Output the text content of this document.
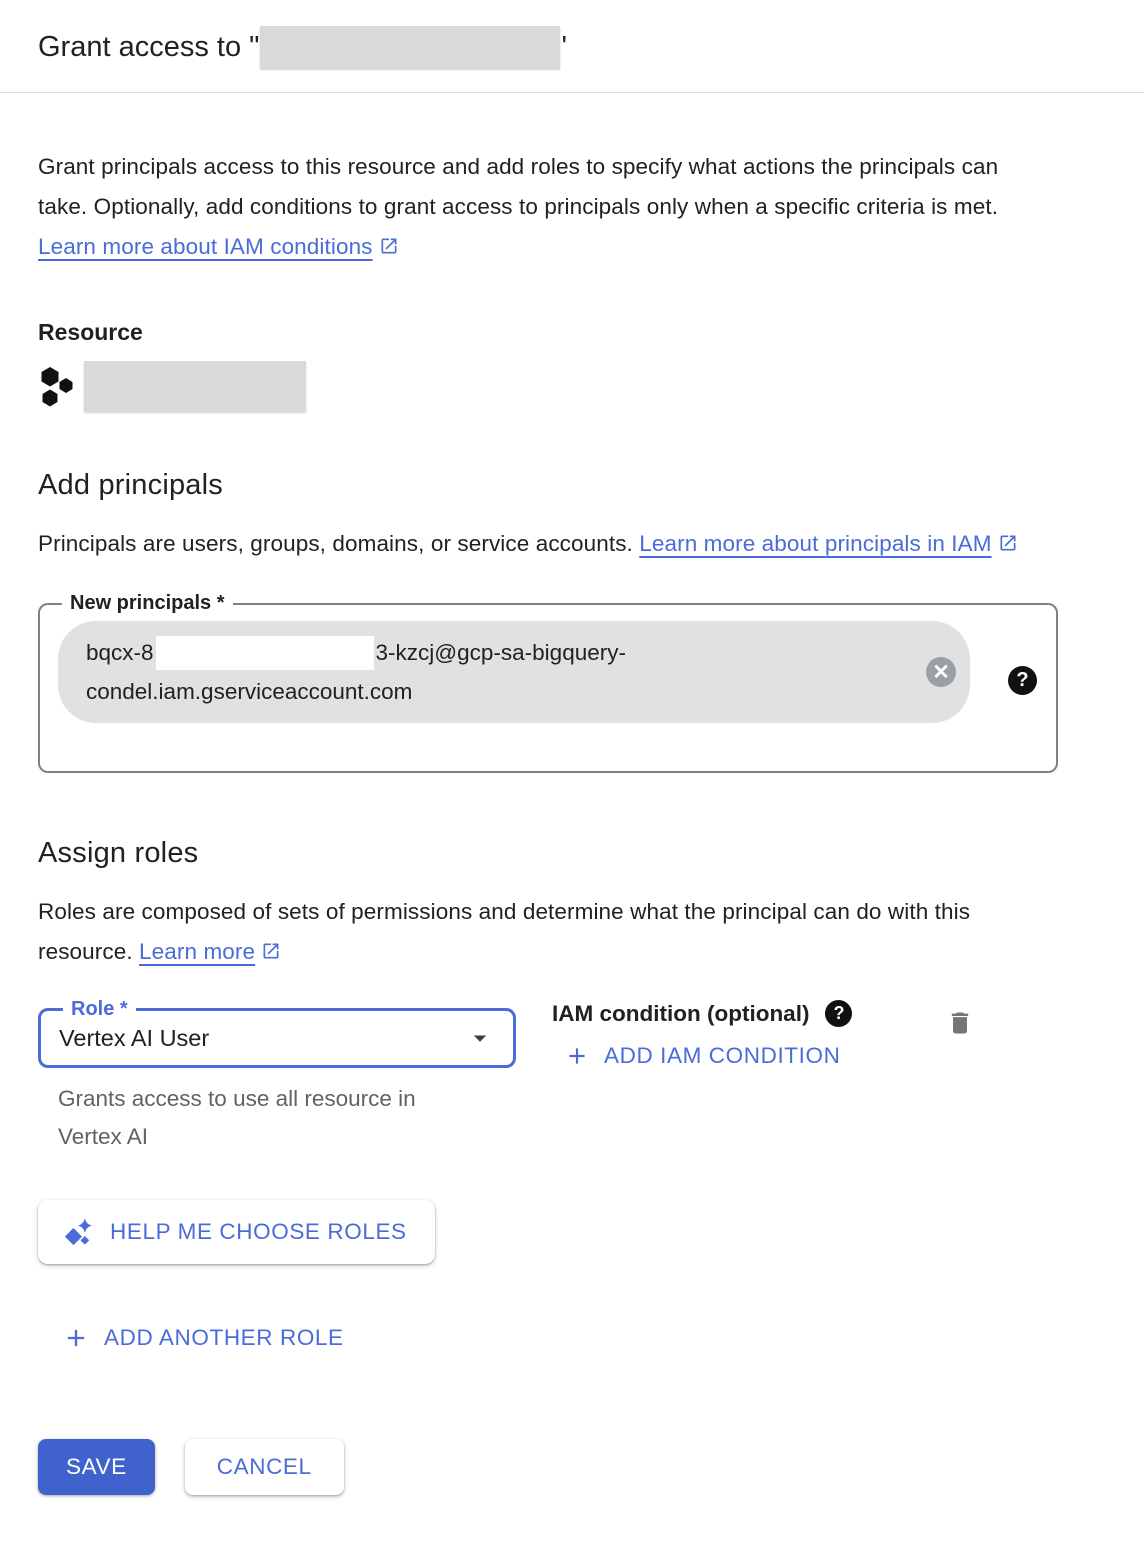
Grant access to "	'

Grant principals access to this resource and add roles to specify what actions the principals can take. Optionally, add conditions to grant access to principals only when a specific criteria is met. Learn more about IAM conditions

Resource
Add principals

Principals are users, groups, domains, or service accounts. Learn more about principals in IAM

New principals *
bqcx-8	3-kzcj@gcp-sa-bigquery-
condel.iam.gserviceaccount.com
✕	?
Assign roles

Roles are composed of sets of permissions and determine what the principal can do with this resource. Learn more

Role *
Vertex AI User
Grants access to use all resource in Vertex AI
IAM condition (optional) ?
ADD IAM CONDITION
HELP ME CHOOSE ROLES
ADD ANOTHER ROLE
SAVE	CANCEL
